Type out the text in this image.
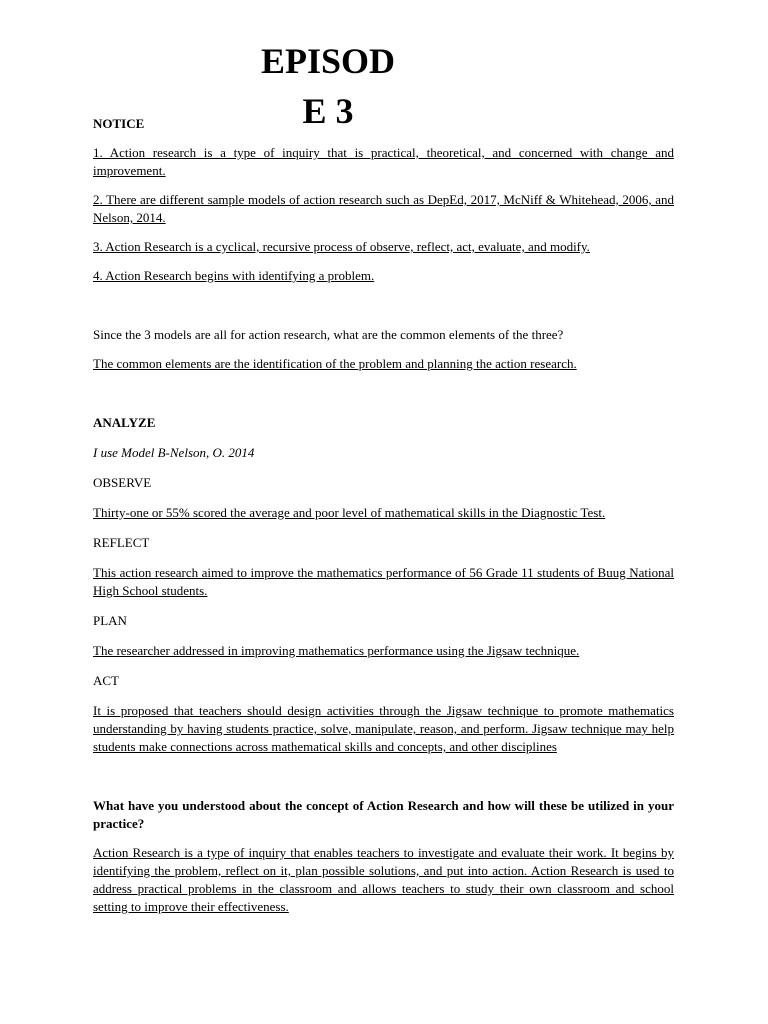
EPISOD
E 3

NOTICE

1. Action research is a type of inquiry that is practical, theoretical, and concerned with change and improvement.

2. There are different sample models of action research such as DepEd, 2017, McNiff & Whitehead, 2006, and Nelson, 2014.

3. Action Research is a cyclical, recursive process of observe, reflect, act, evaluate, and modify.

4. Action Research begins with identifying a problem.

Since the 3 models are all for action research, what are the common elements of the three?

The common elements are the identification of the problem and planning the action research.

ANALYZE

I use Model B-Nelson, O. 2014

OBSERVE

Thirty-one or 55% scored the average and poor level of mathematical skills in the Diagnostic Test.

REFLECT

This action research aimed to improve the mathematics performance of 56 Grade 11 students of Buug National High School students.

PLAN

The researcher addressed in improving mathematics performance using the Jigsaw technique.

ACT

It is proposed that teachers should design activities through the Jigsaw technique to promote mathematics understanding by having students practice, solve, manipulate, reason, and perform. Jigsaw technique may help students make connections across mathematical skills and concepts, and other disciplines

What have you understood about the concept of Action Research and how will these be utilized in your practice?

Action Research is a type of inquiry that enables teachers to investigate and evaluate their work. It begins by identifying the problem, reflect on it, plan possible solutions, and put into action. Action Research is used to address practical problems in the classroom and allows teachers to study their own classroom and school setting to improve their effectiveness.
